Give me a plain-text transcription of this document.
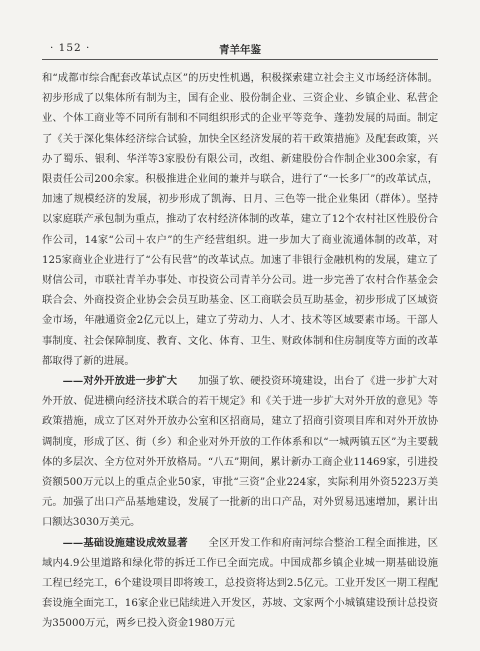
· 152 ·	青羊年鉴

和“成都市综合配套改革试点区”的历史性机遇，积极探索建立社会主义市场经济体制。初步形成了以集体所有制为主，国有企业、股份制企业、三资企业、乡镇企业、私营企业、个体工商业等不同所有制和不同组织形式的企业平等竞争、蓬勃发展的局面。制定了《关于深化集体经济综合试验，加快全区经济发展的若干政策措施》及配套政策，兴办了蜀乐、银利、华洋等3家股份有限公司，改组、新建股份合作制企业300余家，有限责任公司200余家。积极推进企业间的兼并与联合，进行了“一长多厂”的改革试点，加速了规模经济的发展，初步形成了凯海、日月、三色等一批企业集团（群体）。坚持以家庭联产承包制为重点，推动了农村经济体制的改革，建立了12个农村社区性股份合作公司，14家“公司＋农户”的生产经营组织。进一步加大了商业流通体制的改革，对125家商业企业进行了“公有民营”的改革试点。加速了非银行金融机构的发展，建立了财信公司，市联社青羊办事处、市投资公司青羊分公司。进一步完善了农村合作基金会联合会、外商投资企业协会会员互助基金、区工商联会员互助基金，初步形成了区域资金市场，年融通资金2亿元以上，建立了劳动力、人才、技术等区域要素市场。干部人事制度、社会保障制度、教育、文化、体育、卫生、财政体制和住房制度等方面的改革都取得了新的进展。

——对外开放进一步扩大　　加强了软、硬投资环境建设，出台了《进一步扩大对外开放、促进横向经济技术联合的若干规定》和《关于进一步扩大对外开放的意见》等政策措施，成立了区对外开放办公室和区招商局，建立了招商引资项目库和对外开放协调制度，形成了区、街（乡）和企业对外开放的工作体系和以“一城两镇五区”为主要载体的多层次、全方位对外开放格局。“八五”期间，累计新办工商企业11469家，引进投资额500万元以上的重点企业50家，审批“三资”企业224家，实际利用外资5223万美元。加强了出口产品基地建设，发展了一批新的出口产品，对外贸易迅速增加，累计出口额达3030万美元。

——基础设施建设成效显著　　全区开发工作和府南河综合整治工程全面推进，区域内4.9公里道路和绿化带的拆迁工作已全面完成。中国成都乡镇企业城一期基础设施工程已经完工，6个建设项目即将竣工，总投资将达到2.5亿元。工业开发区一期工程配套设施全面完工，16家企业已陆续进入开发区，苏坡、文家两个小城镇建设预计总投资为35000万元，两乡已投入资金1980万元
